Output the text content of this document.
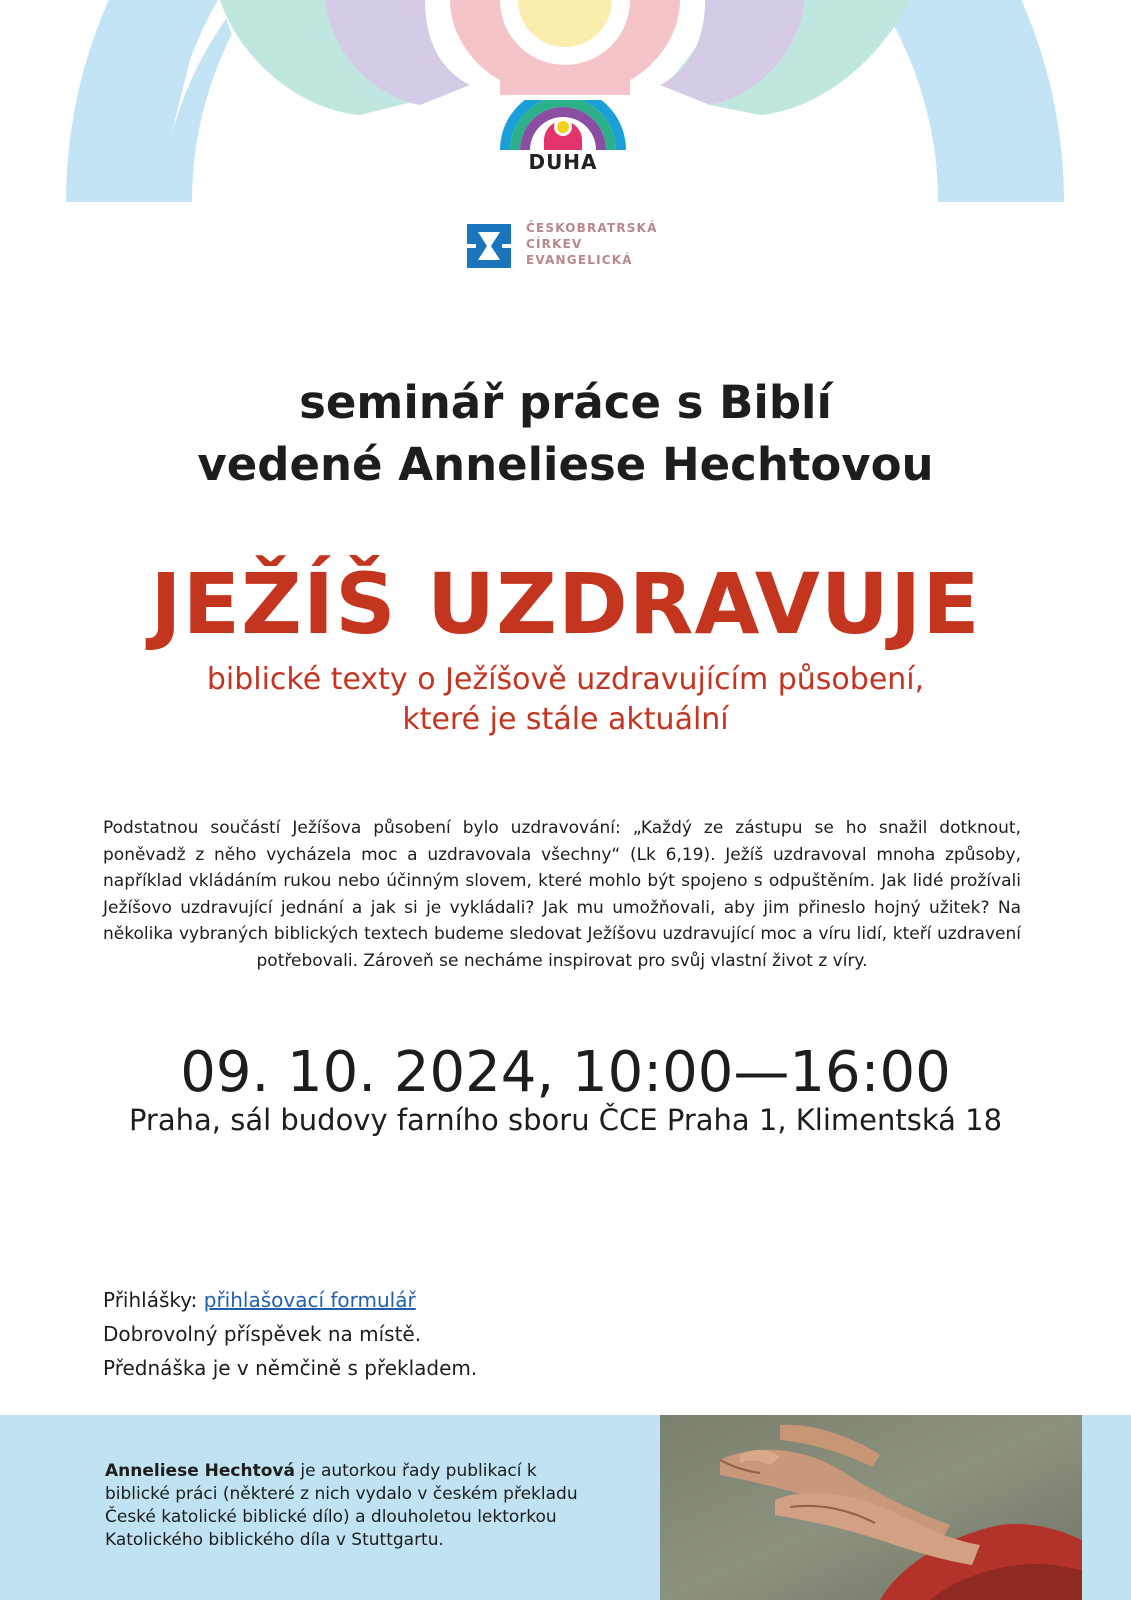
DUHA
ČESKOBRATRSKÁ
CÍRKEV
EVANGELICKÁ
seminář práce s Biblí
vedené Anneliese Hechtovou
JEŽÍŠ UZDRAVUJE
biblické texty o Ježíšově uzdravujícím působení,
které je stále aktuální
Podstatnou součástí Ježíšova působení bylo uzdravování: „Každý ze zástupu se ho snažil dotknout, poněvadž z něho vycházela moc a uzdravovala všechny“ (Lk 6,19). Ježíš uzdravoval mnoha způsoby, například vkládáním rukou nebo účinným slovem, které mohlo být spojeno s odpuštěním. Jak lidé prožívali Ježíšovo uzdravující jednání a jak si je vykládali? Jak mu umožňovali, aby jim přineslo hojný užitek? Na několika vybraných biblických textech budeme sledovat Ježíšovu uzdravující moc a víru lidí, kteří uzdravení potřebovali. Zároveň se necháme inspirovat pro svůj vlastní život z víry.
09. 10. 2024, 10:00—16:00
Praha, sál budovy farního sboru ČCE Praha 1, Klimentská 18
Přihlášky: přihlašovací formulář
Dobrovolný příspěvek na místě.
Přednáška je v němčině s překladem.
Anneliese Hechtová je autorkou řady publikací k biblické práci (některé z nich vydalo v českém překladu České katolické biblické dílo) a dlouholetou lektorkou Katolického biblického díla v Stuttgartu.
